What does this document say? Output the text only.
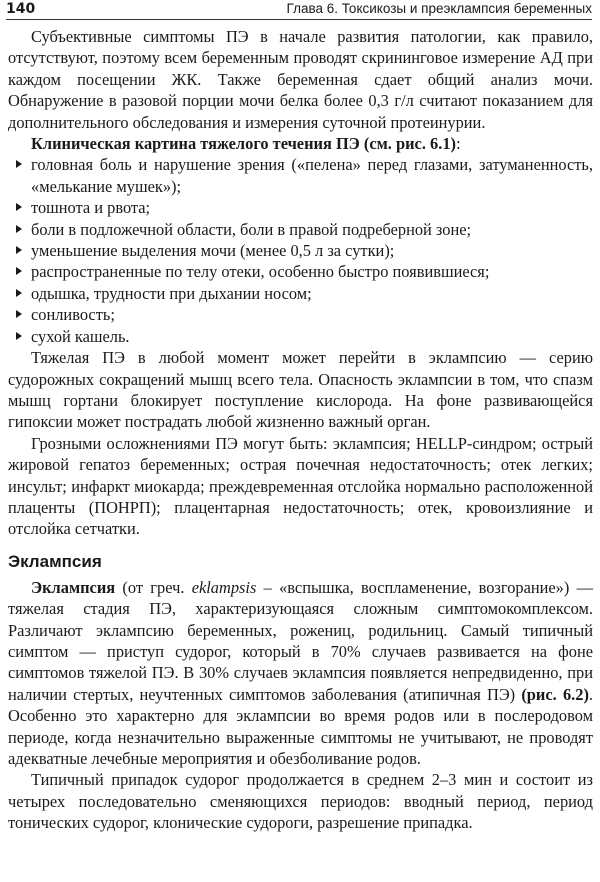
140	Глава 6. Токсикозы и преэклампсия беременных

Субъективные симптомы ПЭ в начале развития патологии, как правило, отсутствуют, поэтому всем беременным проводят скрининговое измерение АД при каждом посещении ЖК. Также беременная сдает общий анализ мочи. Обнаружение в разовой порции мочи белка более 0,3 г/л считают показанием для дополнительного обследования и измерения суточной протеинурии.

Клиническая картина тяжелого течения ПЭ (см. рис. 6.1):

головная боль и нарушение зрения («пелена» перед глазами, затуманенность, «мелькание мушек»);
тошнота и рвота;
боли в подложечной области, боли в правой подреберной зоне;
уменьшение выделения мочи (менее 0,5 л за сутки);
распространенные по телу отеки, особенно быстро появившиеся;
одышка, трудности при дыхании носом;
сонливость;
сухой кашель.

Тяжелая ПЭ в любой момент может перейти в эклампсию — серию судорожных сокращений мышц всего тела. Опасность эклампсии в том, что спазм мышц гортани блокирует поступление кислорода. На фоне развивающейся гипоксии может пострадать любой жизненно важный орган.

Грозными осложнениями ПЭ могут быть: эклампсия; HELLP-синдром; острый жировой гепатоз беременных; острая почечная недостаточность; отек легких; инсульт; инфаркт миокарда; преждевременная отслойка нормально расположенной плаценты (ПОНРП); плацентарная недостаточность; отек, кровоизлияние и отслойка сетчатки.

Эклампсия

Эклампсия (от греч. eklampsis – «вспышка, воспламенение, возгорание») — тяжелая стадия ПЭ, характеризующаяся сложным симптомокомплексом. Различают эклампсию беременных, рожениц, родильниц. Самый типичный симптом — приступ судорог, который в 70% случаев развивается на фоне симптомов тяжелой ПЭ. В 30% случаев эклампсия появляется непредвиденно, при наличии стертых, неучтенных симптомов заболевания (атипичная ПЭ) (рис. 6.2). Особенно это характерно для эклампсии во время родов или в послеродовом периоде, когда незначительно выраженные симптомы не учитывают, не проводят адекватные лечебные мероприятия и обезболивание родов.

Типичный припадок судорог продолжается в среднем 2–3 мин и состоит из четырех последовательно сменяющихся периодов: вводный период, период тонических судорог, клонические судороги, разрешение припадка.
